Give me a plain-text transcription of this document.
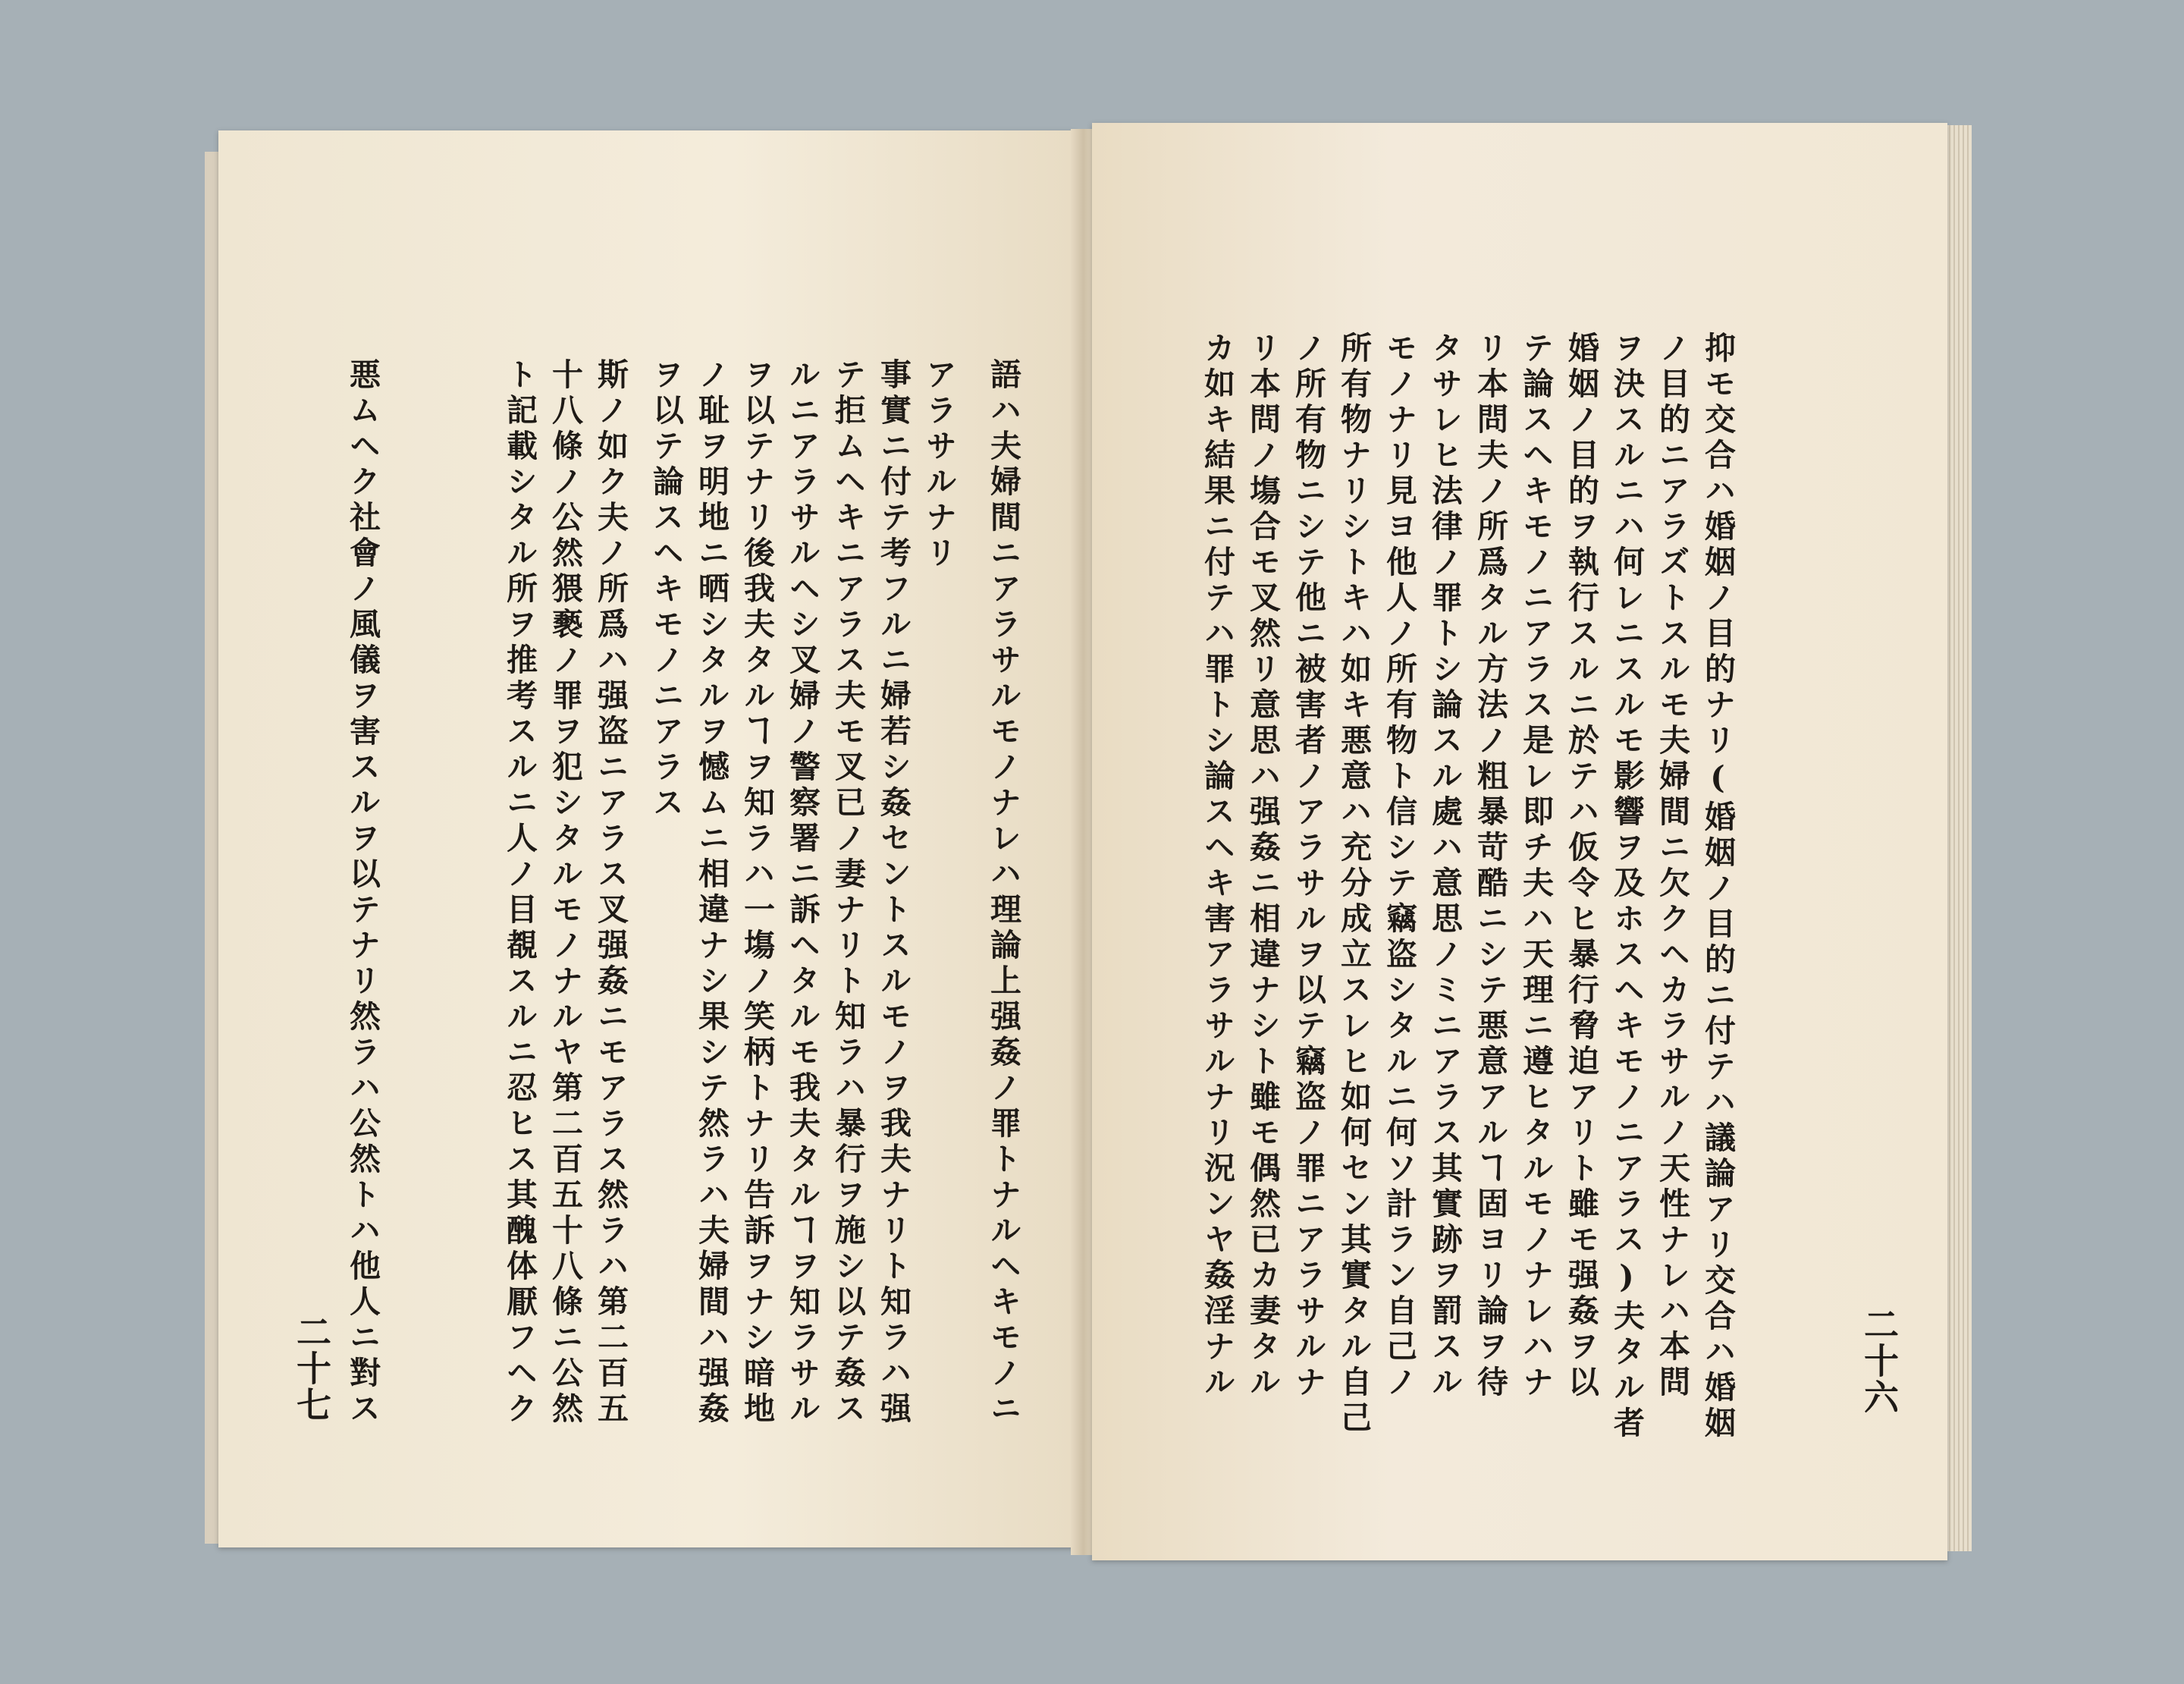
語ハ夫婦間ニアラサルモノナレハ理論上强姦ノ罪トナルヘキモノニ
アラサルナリ
事實ニ付テ考フルニ婦若シ姦セントスルモノヲ我夫ナリト知ラハ强
テ拒ムヘキニアラス夫モ叉已ノ妻ナリト知ラハ暴行ヲ施シ以テ姦ス
ルニアラサルヘシ叉婦ノ警察署ニ訴ヘタルモ我夫タルヿヲ知ラサル
ヲ以テナリ後我夫タルヿヲ知ラハ一塲ノ笑柄トナリ告訴ヲナシ暗地
ノ耻ヲ明地ニ晒シタルヲ憾ムニ相違ナシ果シテ然ラハ夫婦間ハ强姦
ヲ以テ論スヘキモノニアラス
斯ノ如ク夫ノ所爲ハ强盗ニアラス叉强姦ニモアラス然ラハ第二百五
十八條ノ公然猥褻ノ罪ヲ犯シタルモノナルヤ第二百五十八條ニ公然
ト記載シタル所ヲ推考スルニ人ノ目覩スルニ忍ヒス其醜体厭フヘク
悪ムヘク社會ノ風儀ヲ害スルヲ以テナリ然ラハ公然トハ他人ニ對ス
二十七	抑モ交合ハ婚姻ノ目的ナリ(婚姻ノ目的ニ付テハ議論アリ交合ハ婚姻
ノ目的ニアラズトスルモ夫婦間ニ欠クヘカラサルノ天性ナレハ本問
ヲ決スルニハ何レニスルモ影響ヲ及ホスヘキモノニアラス)夫タル者
婚姻ノ目的ヲ執行スルニ於テハ仮令ヒ暴行脅迫アリト雖モ强姦ヲ以
テ論スヘキモノニアラス是レ即チ夫ハ天理ニ遵ヒタルモノナレハナ
リ本問夫ノ所爲タル方法ノ粗暴苛酷ニシテ悪意アルヿ固ヨリ論ヲ待
タサレヒ法律ノ罪トシ論スル處ハ意思ノミニアラス其實跡ヲ罰スル
モノナリ見ヨ他人ノ所有物ト信シテ竊盗シタルニ何ソ計ラン自己ノ
所有物ナリシトキハ如キ悪意ハ充分成立スレヒ如何セン其實タル自己
ノ所有物ニシテ他ニ被害者ノアラサルヲ以テ竊盗ノ罪ニアラサルナ
リ本問ノ塲合モ叉然リ意思ハ强姦ニ相違ナシト雖モ偶然已カ妻タル
カ如キ結果ニ付テハ罪トシ論スヘキ害アラサルナリ況ンヤ姦淫ナル	二十六
